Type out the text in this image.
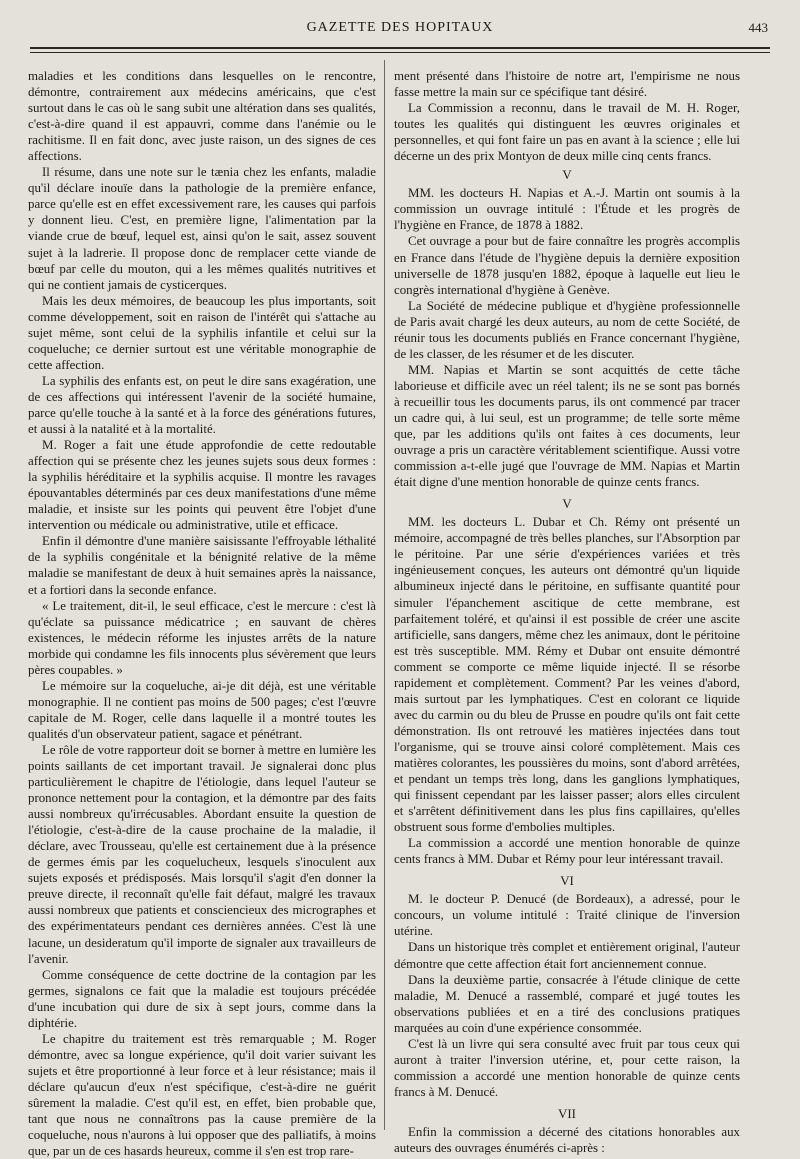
GAZETTE DES HOPITAUX	443

maladies et les conditions dans lesquelles on le rencontre, démontre, contrairement aux médecins américains, que c'est surtout dans le cas où le sang subit une altération dans ses qualités, c'est-à-dire quand il est appauvri, comme dans l'anémie ou le rachitisme. Il en fait donc, avec juste raison, un des signes de ces affections.

Il résume, dans une note sur le tænia chez les enfants, maladie qu'il déclare inouïe dans la pathologie de la première enfance, parce qu'elle est en effet excessivement rare, les causes qui parfois y donnent lieu. C'est, en première ligne, l'alimentation par la viande crue de bœuf, lequel est, ainsi qu'on le sait, assez souvent sujet à la ladrerie. Il propose donc de remplacer cette viande de bœuf par celle du mouton, qui a les mêmes qualités nutritives et qui ne contient jamais de cysticerques.

Mais les deux mémoires, de beaucoup les plus importants, soit comme développement, soit en raison de l'intérêt qui s'attache au sujet même, sont celui de la syphilis infantile et celui sur la coqueluche; ce dernier surtout est une véritable monographie de cette affection.

La syphilis des enfants est, on peut le dire sans exagération, une de ces affections qui intéressent l'avenir de la société humaine, parce qu'elle touche à la santé et à la force des générations futures, et aussi à la natalité et à la mortalité.

M. Roger a fait une étude approfondie de cette redoutable affection qui se présente chez les jeunes sujets sous deux formes : la syphilis héréditaire et la syphilis acquise. Il montre les ravages épouvantables déterminés par ces deux manifestations d'une même maladie, et insiste sur les points qui peuvent être l'objet d'une intervention ou médicale ou administrative, utile et efficace.

Enfin il démontre d'une manière saisissante l'effroyable léthalité de la syphilis congénitale et la bénignité relative de la même maladie se manifestant de deux à huit semaines après la naissance, et a fortiori dans la seconde enfance.

« Le traitement, dit-il, le seul efficace, c'est le mercure : c'est là qu'éclate sa puissance médicatrice ; en sauvant de chères existences, le médecin réforme les injustes arrêts de la nature morbide qui condamne les fils innocents plus sévèrement que leurs pères coupables. »

Le mémoire sur la coqueluche, ai-je dit déjà, est une véritable monographie. Il ne contient pas moins de 500 pages; c'est l'œuvre capitale de M. Roger, celle dans laquelle il a montré toutes les qualités d'un observateur patient, sagace et pénétrant.

Le rôle de votre rapporteur doit se borner à mettre en lumière les points saillants de cet important travail. Je signalerai donc plus particulièrement le chapitre de l'étiologie, dans lequel l'auteur se prononce nettement pour la contagion, et la démontre par des faits aussi nombreux qu'irrécusables. Abordant ensuite la question de l'étiologie, c'est-à-dire de la cause prochaine de la maladie, il déclare, avec Trousseau, qu'elle est certainement due à la présence de germes émis par les coquelucheux, lesquels s'inoculent aux sujets exposés et prédisposés. Mais lorsqu'il s'agit d'en donner la preuve directe, il reconnaît qu'elle fait défaut, malgré les travaux aussi nombreux que patients et consciencieux des micrographes et des expérimentateurs pendant ces dernières années. C'est là une lacune, un desideratum qu'il importe de signaler aux travailleurs de l'avenir.

Comme conséquence de cette doctrine de la contagion par les germes, signalons ce fait que la maladie est toujours précédée d'une incubation qui dure de six à sept jours, comme dans la diphtérie.

Le chapitre du traitement est très remarquable ; M. Roger démontre, avec sa longue expérience, qu'il doit varier suivant les sujets et être proportionné à leur force et à leur résistance; mais il déclare qu'aucun d'eux n'est spécifique, c'est-à-dire ne guérit sûrement la maladie. C'est qu'il est, en effet, bien probable que, tant que nous ne connaîtrons pas la cause première de la coqueluche, nous n'aurons à lui opposer que des palliatifs, à moins que, par un de ces hasards heureux, comme il s'en est trop rare-

ment présenté dans l'histoire de notre art, l'empirisme ne nous fasse mettre la main sur ce spécifique tant désiré.

La Commission a reconnu, dans le travail de M. H. Roger, toutes les qualités qui distinguent les œuvres originales et personnelles, et qui font faire un pas en avant à la science ; elle lui décerne un des prix Montyon de deux mille cinq cents francs.

V

MM. les docteurs H. Napias et A.-J. Martin ont soumis à la commission un ouvrage intitulé : l'Étude et les progrès de l'hygiène en France, de 1878 à 1882.

Cet ouvrage a pour but de faire connaître les progrès accomplis en France dans l'étude de l'hygiène depuis la dernière exposition universelle de 1878 jusqu'en 1882, époque à laquelle eut lieu le congrès international d'hygiène à Genève.

La Société de médecine publique et d'hygiène professionnelle de Paris avait chargé les deux auteurs, au nom de cette Société, de réunir tous les documents publiés en France concernant l'hygiène, de les classer, de les résumer et de les discuter.

MM. Napias et Martin se sont acquittés de cette tâche laborieuse et difficile avec un réel talent; ils ne se sont pas bornés à recueillir tous les documents parus, ils ont commencé par tracer un cadre qui, à lui seul, est un programme; de telle sorte même que, par les additions qu'ils ont faites à ces documents, leur ouvrage a pris un caractère véritablement scientifique. Aussi votre commission a-t-elle jugé que l'ouvrage de MM. Napias et Martin était digne d'une mention honorable de quinze cents francs.

V

MM. les docteurs L. Dubar et Ch. Rémy ont présenté un mémoire, accompagné de très belles planches, sur l'Absorption par le péritoine. Par une série d'expériences variées et très ingénieusement conçues, les auteurs ont démontré qu'un liquide albumineux injecté dans le péritoine, en suffisante quantité pour simuler l'épanchement ascitique de cette membrane, est parfaitement toléré, et qu'ainsi il est possible de créer une ascite artificielle, sans dangers, même chez les animaux, dont le péritoine est très susceptible. MM. Rémy et Dubar ont ensuite démontré comment se comporte ce même liquide injecté. Il se résorbe rapidement et complètement. Comment? Par les veines d'abord, mais surtout par les lymphatiques. C'est en colorant ce liquide avec du carmin ou du bleu de Prusse en poudre qu'ils ont fait cette démonstration. Ils ont retrouvé les matières injectées dans tout l'organisme, qui se trouve ainsi coloré complètement. Mais ces matières colorantes, les poussières du moins, sont d'abord arrêtées, et pendant un temps très long, dans les ganglions lymphatiques, qui finissent cependant par les laisser passer; alors elles circulent et s'arrêtent définitivement dans les plus fins capillaires, qu'elles obstruent sous forme d'embolies multiples.

La commission a accordé une mention honorable de quinze cents francs à MM. Dubar et Rémy pour leur intéressant travail.

VI

M. le docteur P. Denucé (de Bordeaux), a adressé, pour le concours, un volume intitulé : Traité clinique de l'inversion utérine.

Dans un historique très complet et entièrement original, l'auteur démontre que cette affection était fort anciennement connue.

Dans la deuxième partie, consacrée à l'étude clinique de cette maladie, M. Denucé a rassemblé, comparé et jugé toutes les observations publiées et en a tiré des conclusions pratiques marquées au coin d'une expérience consommée.

C'est là un livre qui sera consulté avec fruit par tous ceux qui auront à traiter l'inversion utérine, et, pour cette raison, la commission a accordé une mention honorable de quinze cents francs à M. Denucé.

VII

Enfin la commission a décerné des citations honorables aux auteurs des ouvrages énumérés ci-après :
